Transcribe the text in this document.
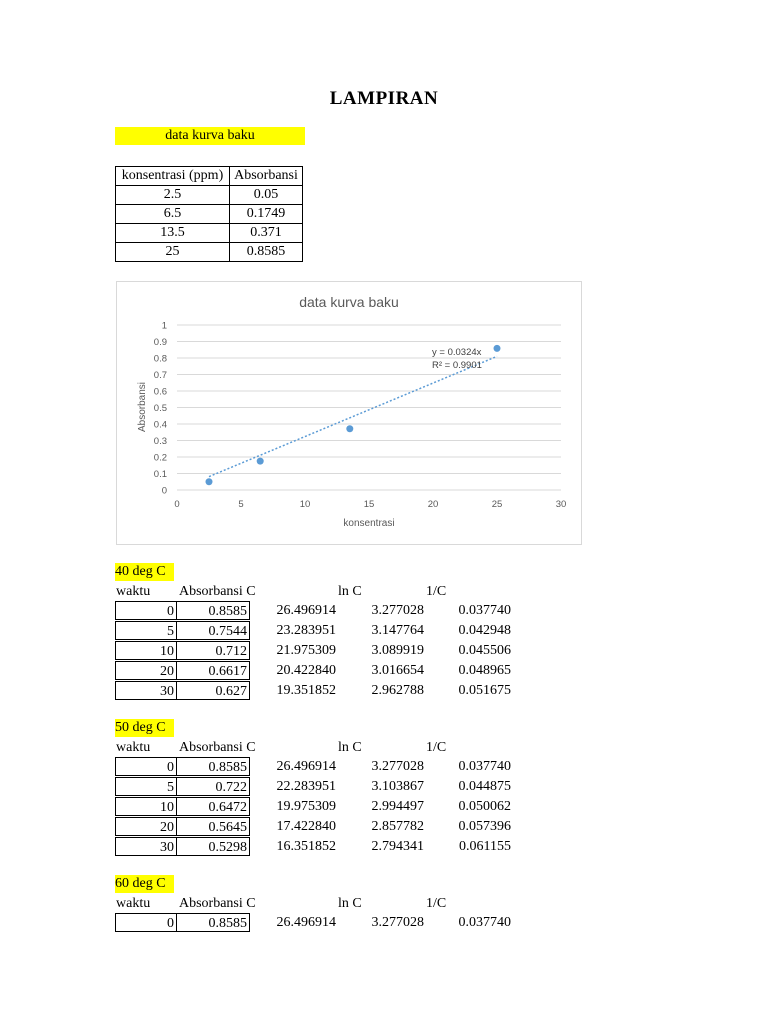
LAMPIRAN
data kurva baku
konsentrasi (ppm)	Absorbansi
2.5	0.05
6.5	0.1749
13.5	0.371
25	0.8585
data kurva baku
0
0.1
0.2
0.3
0.4
0.5
0.6
0.7
0.8
0.9
1
0	5	10	15	20	25	30
y = 0.0324x
R² = 0.9901
konsentrasi
Absorbansi
40 deg C
waktu Absorbansi C	ln C	1/C
0	0.8585	26.496914	3.277028	0.037740
5	0.7544	23.283951	3.147764	0.042948
10	0.712	21.975309	3.089919	0.045506
20	0.6617	20.422840	3.016654	0.048965
30	0.627	19.351852	2.962788	0.051675
50 deg C
waktu Absorbansi C	ln C	1/C
0	0.8585	26.496914	3.277028	0.037740
5	0.722	22.283951	3.103867	0.044875
10	0.6472	19.975309	2.994497	0.050062
20	0.5645	17.422840	2.857782	0.057396
30	0.5298	16.351852	2.794341	0.061155
60 deg C
waktu Absorbansi C	ln C	1/C
0	0.8585	26.496914	3.277028	0.037740
